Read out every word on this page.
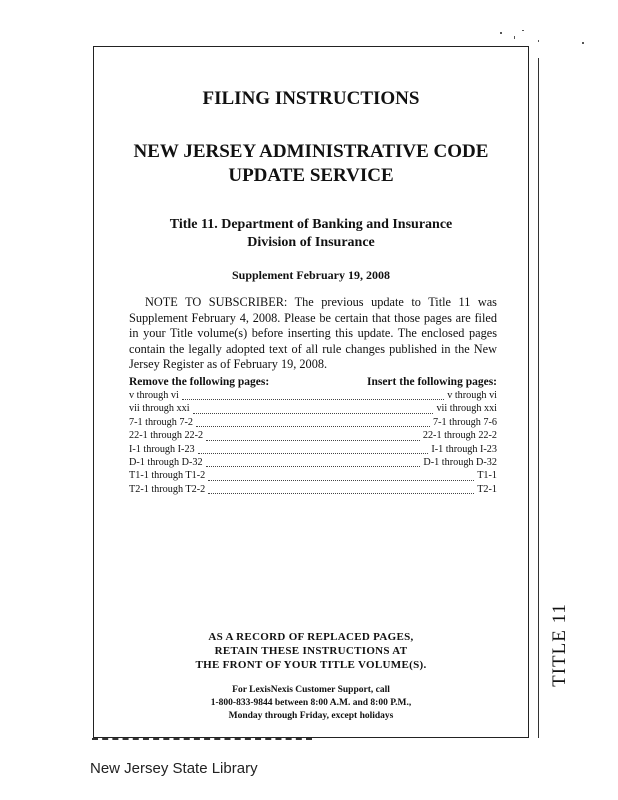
FILING INSTRUCTIONS
NEW JERSEY ADMINISTRATIVE CODE
UPDATE SERVICE
Title 11. Department of Banking and Insurance
Division of Insurance
Supplement February 19, 2008

NOTE TO SUBSCRIBER: The previous update to Title 11 was Supplement February 4, 2008. Please be certain that those pages are filed in your Title volume(s) before inserting this update. The enclosed pages contain the legally adopted text of all rule changes published in the New Jersey Register as of February 19, 2008.

Remove the following pages:	Insert the following pages:
v through vi	v through vi
vii through xxi	vii through xxi
7-1 through 7-2	7-1 through 7-6
22-1 through 22-2	22-1 through 22-2
I-1 through I-23	I-1 through I-23
D-1 through D-32	D-1 through D-32
T1-1 through T1-2	T1-1
T2-1 through T2-2	T2-1
AS A RECORD OF REPLACED PAGES,
RETAIN THESE INSTRUCTIONS AT
THE FRONT OF YOUR TITLE VOLUME(S).
For LexisNexis Customer Support, call
1-800-833-9844 between 8:00 A.M. and 8:00 P.M.,
Monday through Friday, except holidays
TITLE 11
New Jersey State Library
